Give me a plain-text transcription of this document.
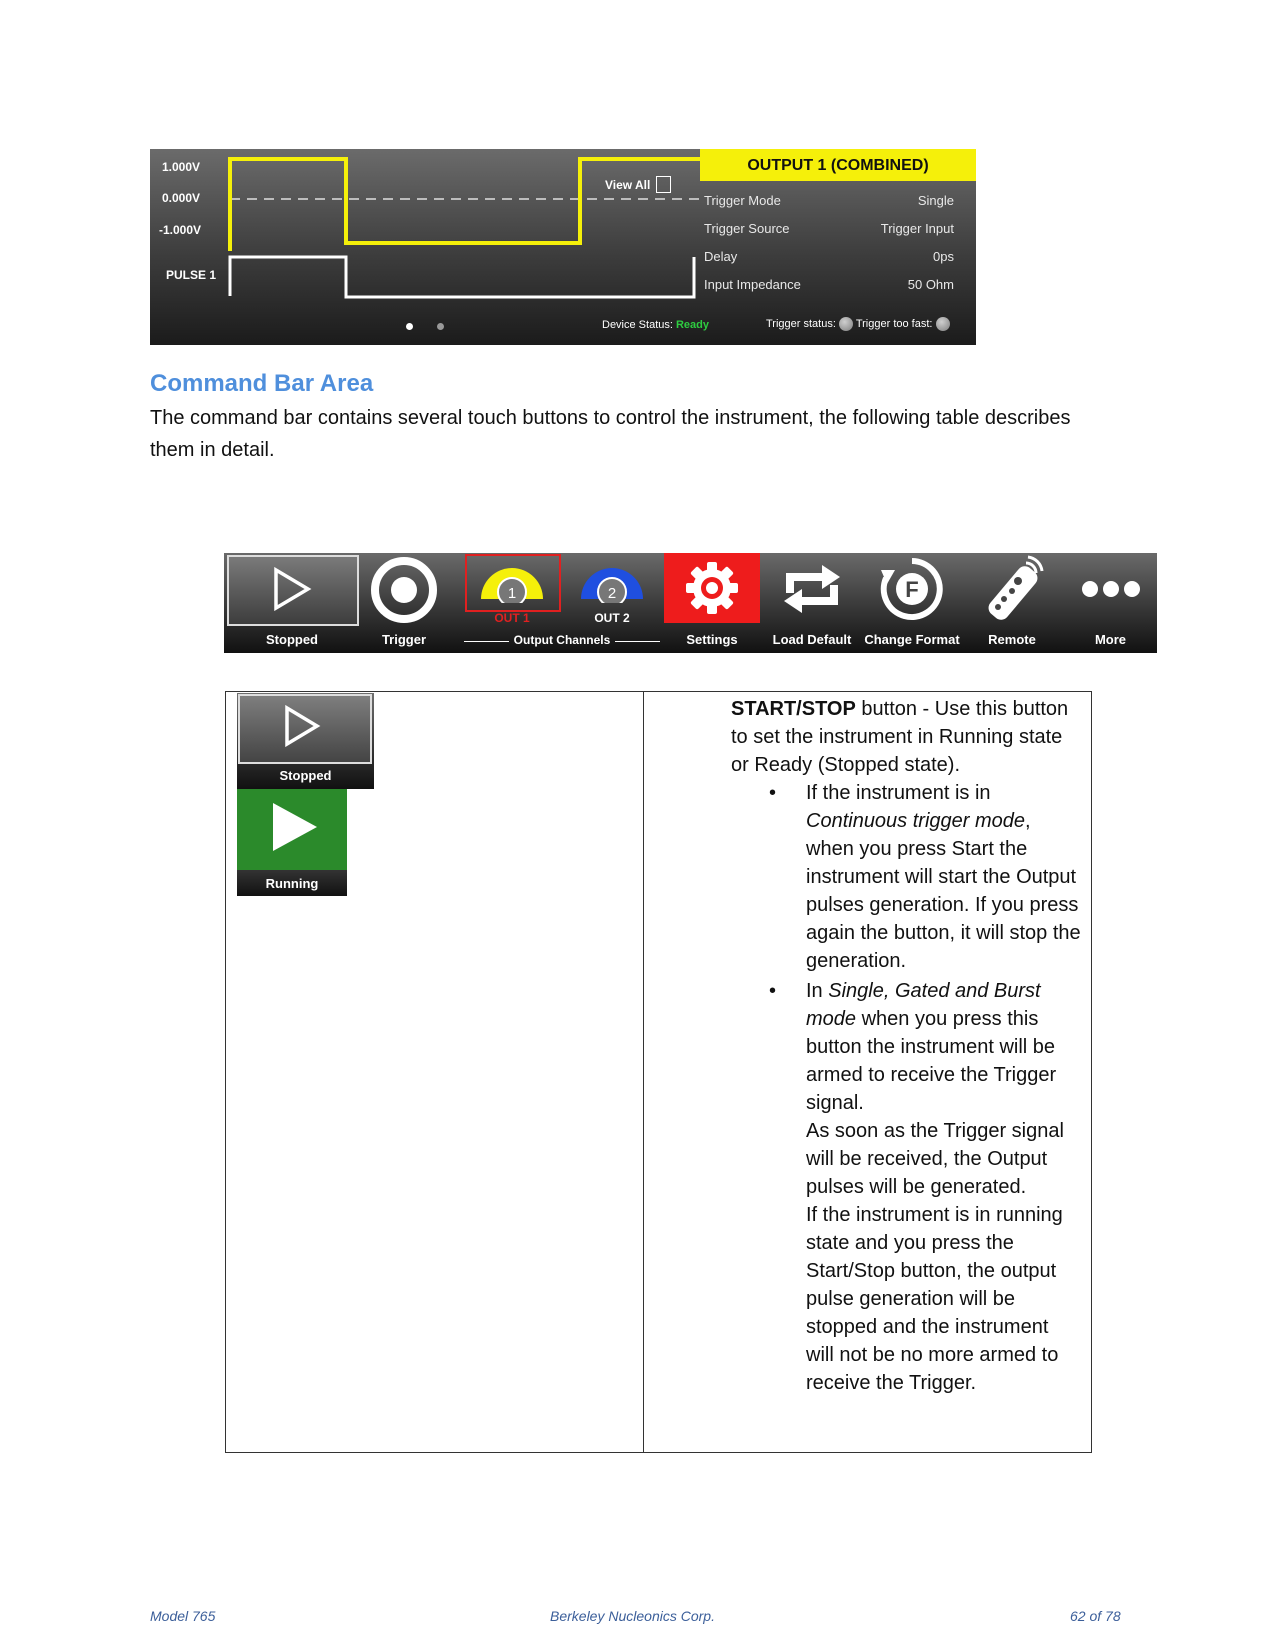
1.000V
0.000V
-1.000V
PULSE 1
View All
OUTPUT 1 (COMBINED)
Trigger Mode	Single
Trigger Source	Trigger Input
Delay	0ps
Input Impedance	50 Ohm
Device Status: Ready	Trigger status: Trigger too fast:
Command Bar Area
The command bar contains several touch buttons to control the instrument, the following table describes them in detail.
Stopped	Trigger
1
OUT 1
2
OUT 2
Output Channels	Settings	Load Default
F
Change Format	Remote	More
Stopped
Running

START/STOP button - Use this button to set the instrument in Running state or Ready (Stopped state).

• If the instrument is in Continuous trigger mode, when you press Start the instrument will start the Output pulses generation. If you press again the button, it will stop the generation.
• In Single, Gated and Burst mode when you press this button the instrument will be armed to receive the Trigger signal.
As soon as the Trigger signal will be received, the Output pulses will be generated.
If the instrument is in running state and you press the Start/Stop button, the output pulse generation will be stopped and the instrument will not be no more armed to receive the Trigger.
Model 765	Berkeley Nucleonics Corp.	62 of 78
